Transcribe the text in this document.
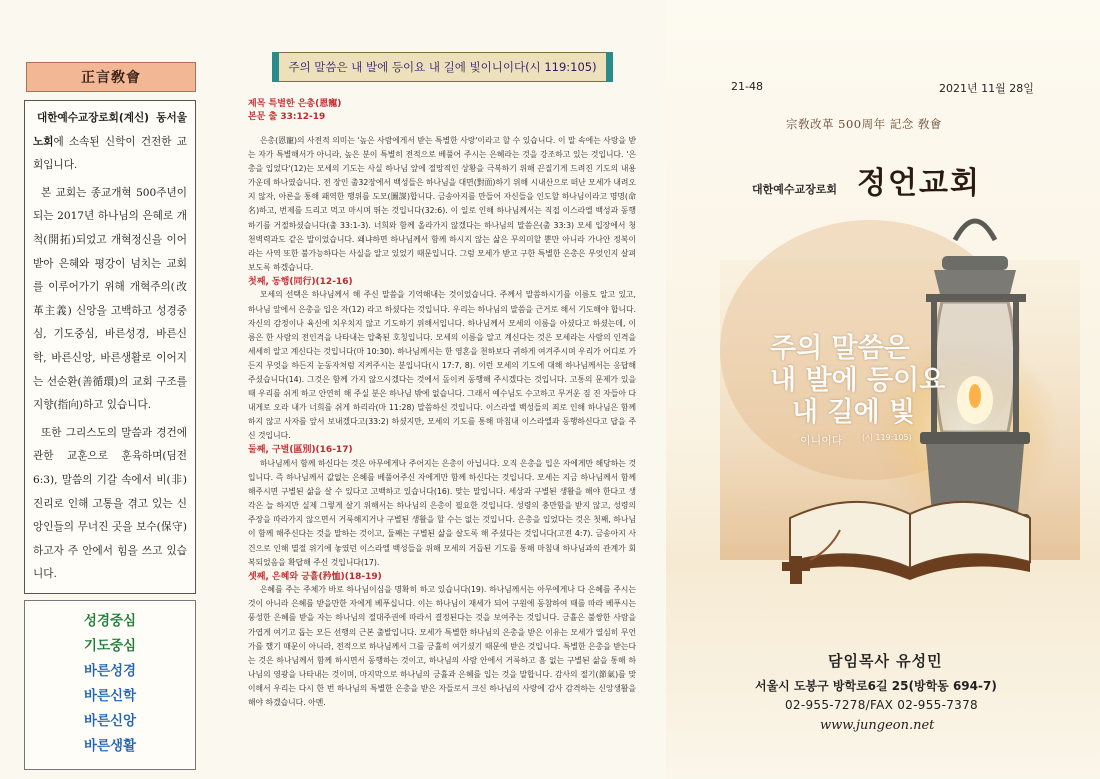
正言敎會

대한예수교장로회(계신) 동서울 노회에 소속된 신학이 건전한 교회입니다.

본 교회는 종교개혁 500주년이 되는 2017년 하나님의 은혜로 개척(開拓)되었고 개혁정신을 이어받아 은혜와 평강이 넘치는 교회를 이루어가기 위해 개혁주의(改革主義) 신앙을 고백하고 성경중심, 기도중심, 바른성경, 바른신학, 바른신앙, 바른생활로 이어지는 선순환(善循環)의 교회 구조를 지향(指向)하고 있습니다.

또한 그리스도의 말씀과 경건에 관한 교훈으로 훈육하며(딤전 6:3), 말씀의 기갈 속에서 비(非) 진리로 인해 고통을 겪고 있는 신앙인들의 무너진 곳을 보수(保守)하고자 주 안에서 힘을 쓰고 있습니다.

성경중심
기도중심
바른성경
바른신학
바른신앙
바른생활
주의 말씀은 내 발에 등이요 내 길에 빛이니이다(시 119:105)

제목 특별한 은총(恩寵)

본문 출 33:12-19

은총(恩寵)의 사전적 의미는 '높은 사람에게서 받는 특별한 사랑'이라고 할 수 있습니다. 이 말 속에는 사랑을 받는 자가 특별해서가 아니라, 높은 분이 특별히 전적으로 베풀어 주시는 은혜라는 것을 강조하고 있는 것입니다. '은총을 입었다'(12)는 모세의 기도는 사실 하나님 앞에 절망적인 상황을 극복하기 위해 끈질기게 드려진 기도의 내용 가운데 하나였습니다. 전 장인 출32장에서 백성들은 하나님을 대면(對面)하기 위해 시내산으로 떠난 모세가 내려오지 않자, 아론을 통해 패역한 행위를 도모(圖謀)합니다. 금송아지를 만들어 자신들을 인도할 하나님이라고 명명(命名)하고, 번제를 드리고 먹고 마시며 뛰논 것입니다(32:6). 이 일로 인해 하나님께서는 직접 이스라엘 백성과 동행하기를 거절하셨습니다(출 33:1-3). 너희와 함께 올라가지 않겠다는 하나님의 말씀은(출 33:3) 모세 입장에서 청천벽력과도 같은 말이었습니다. 왜냐하면 하나님께서 함께 하시지 않는 삶은 무의미할 뿐만 아니라 가나안 정복이라는 사역 또한 불가능하다는 사실을 알고 있었기 때문입니다. 그럼 모세가 받고 구한 특별한 은총은 무엇인지 살펴보도록 하겠습니다.

첫째, 동행(同行)(12-16)

모세의 선택은 하나님께서 해 주신 말씀을 기억해내는 것이었습니다. 주께서 말씀하시기를 이름도 알고 있고, 하나님 앞에서 은총을 입은 자(12) 라고 하셨다는 것입니다. 우리는 하나님의 말씀을 근거로 해서 기도해야 합니다. 자신의 감정이나 육신에 치우치지 않고 기도하기 위해서입니다. 하나님께서 모세의 이름을 아셨다고 하셨는데, 이름은 한 사람의 전인격을 나타내는 압축된 호칭입니다. 모세의 이름을 알고 계신다는 것은 모세라는 사람의 인격을 세세히 알고 계신다는 것입니다(마 10:30). 하나님께서는 한 영혼을 천하보다 귀하게 여겨주시며 우리가 어디로 가든지 무엇을 하든지 눈동자처럼 지켜주시는 분입니다(시 17:7, 8). 이런 모세의 기도에 대해 하나님께서는 응답해 주셨습니다(14). 그것은 함께 가지 않으시겠다는 것에서 돌이켜 동행해 주시겠다는 것입니다. 고통의 문제가 있을 때 우리를 쉬게 하고 안연히 해 주실 분은 하나님 밖에 없습니다. 그래서 예수님도 수고하고 무거운 짐 진 자들아 다 내게로 오라 내가 너희를 쉬게 하리라(마 11:28) 말씀하신 것입니다. 이스라엘 백성들의 죄로 인해 하나님은 함께 하지 않고 사자를 앞서 보내겠다고(33:2) 하셨지만, 모세의 기도를 통해 마침내 이스라엘과 동행하신다고 답을 주신 것입니다.

둘째, 구별(區別)(16-17)

하나님께서 함께 하신다는 것은 아무에게나 주어지는 은총이 아닙니다. 오직 은총을 입은 자에게만 해당하는 것입니다. 즉 하나님께서 값없는 은혜를 베풀어주신 자에게만 함께 하신다는 것입니다. 모세는 지금 하나님께서 함께 해주시면 구별된 삶을 살 수 있다고 고백하고 있습니다(16). 맞는 말입니다. 세상과 구별된 생활을 해야 한다고 생각은 늘 하지만 실제 그렇게 살기 위해서는 하나님의 은총이 필요한 것입니다. 성령의 충만함을 받지 않고, 성령의 주장을 따라가지 않으면서 거룩해지거나 구별된 생활을 할 수는 없는 것입니다. 은총을 입었다는 것은 첫째, 하나님이 함께 해주신다는 것을 말하는 것이고, 둘째는 구별된 삶을 살도록 해 주셨다는 것입니다(고전 4:7). 금송아지 사건으로 인해 멸절 위기에 놓였던 이스라엘 백성들을 위해 모세의 거듭된 기도를 통해 마침내 하나님과의 관계가 회복되었음을 확답해 주신 것입니다(17).

셋째, 은혜와 긍휼(矜恤)(18-19)

은혜를 주는 주체가 바로 하나님이심을 명확히 하고 있습니다(19). 하나님께서는 아무에게나 다 은혜를 주시는 것이 아니라 은혜를 받을만한 자에게 베푸십니다. 이는 하나님이 재세가 되어 구원에 동참하여 때를 따라 베푸시는 풍성한 은혜를 받을 자는 하나님의 절대주권에 따라서 결정된다는 것을 보여주는 것입니다. 긍휼은 불쌍한 사람을 가엽게 여기고 돕는 모든 선행의 근본 출발입니다. 모세가 특별한 하나님의 은총을 받은 이유는 모세가 열심히 무언가를 했기 때문이 아니라, 전적으로 하나님께서 그를 긍휼히 여기셨기 때문에 받은 것입니다. 특별한 은총을 받는다는 것은 하나님께서 함께 하시면서 동행하는 것이고, 하나님의 사람 안에서 거룩하고 흠 없는 구별된 삶을 통해 하나님의 영광을 나타내는 것이며, 마지막으로 하나님의 긍휼과 은혜를 입는 것을 말합니다. 감사의 절기(節氣)를 맞이해서 우리는 다시 한 번 하나님의 특별한 은총을 받은 자들로서 크신 하나님의 사랑에 감사 감격하는 신앙생활을 해야 하겠습니다. 아멘.

21-48	2021년 11월 28일
宗敎改革 500周年 記念 敎會
대한예수교장로회 정언교회
주의 말씀은
내 발에 등이요
내 길에 빛
이니이다 (시 119:105)
담임목사 유성민
서울시 도봉구 방학로6길 25(방학동 694-7)
02-955-7278/FAX 02-955-7378
www.jungeon.net
